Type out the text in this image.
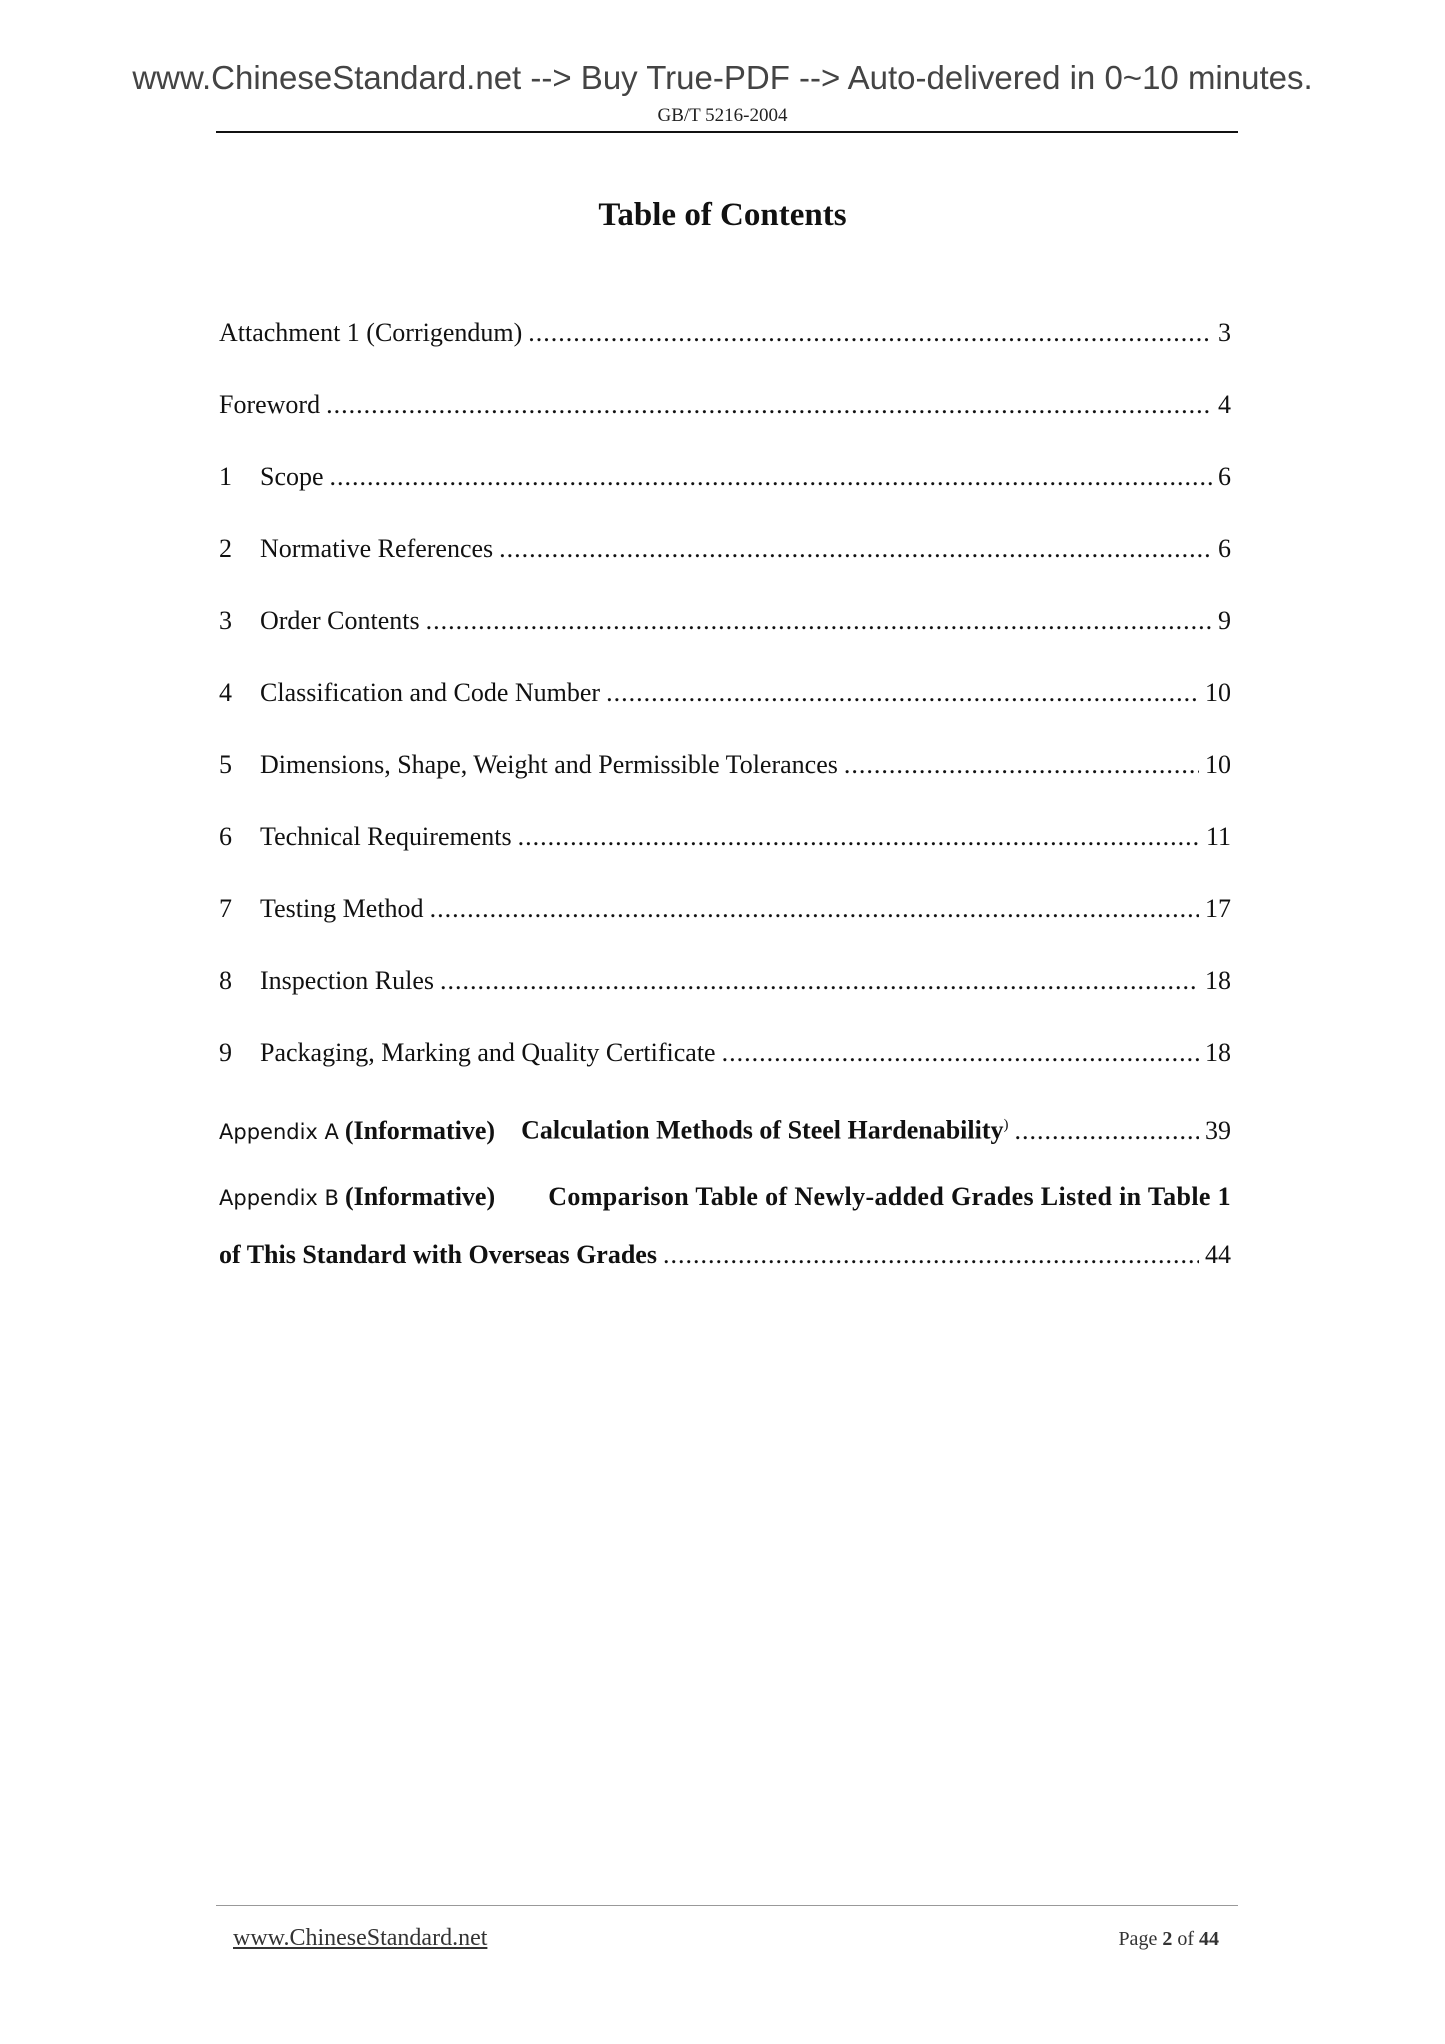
www.ChineseStandard.net --> Buy True-PDF --> Auto-delivered in 0~10 minutes.
GB/T 5216-2004
Table of Contents
Attachment 1 (Corrigendum) .....	3
Foreword .....	4
1	Scope .....	6
2	Normative References .....	6
3	Order Contents .....	9
4	Classification and Code Number .....	10
5	Dimensions, Shape, Weight and Permissible Tolerances .....	10
6	Technical Requirements .....	11
7	Testing Method .....	17
8	Inspection Rules .....	18
9	Packaging, Marking and Quality Certificate .....	18
Appendix A (Informative) Calculation Methods of Steel Hardenability) .....	39
Appendix B (Informative)	Comparison Table of Newly-added Grades Listed in Table 1
of This Standard with Overseas Grades .....	44
www.ChineseStandard.net	Page 2 of 44
